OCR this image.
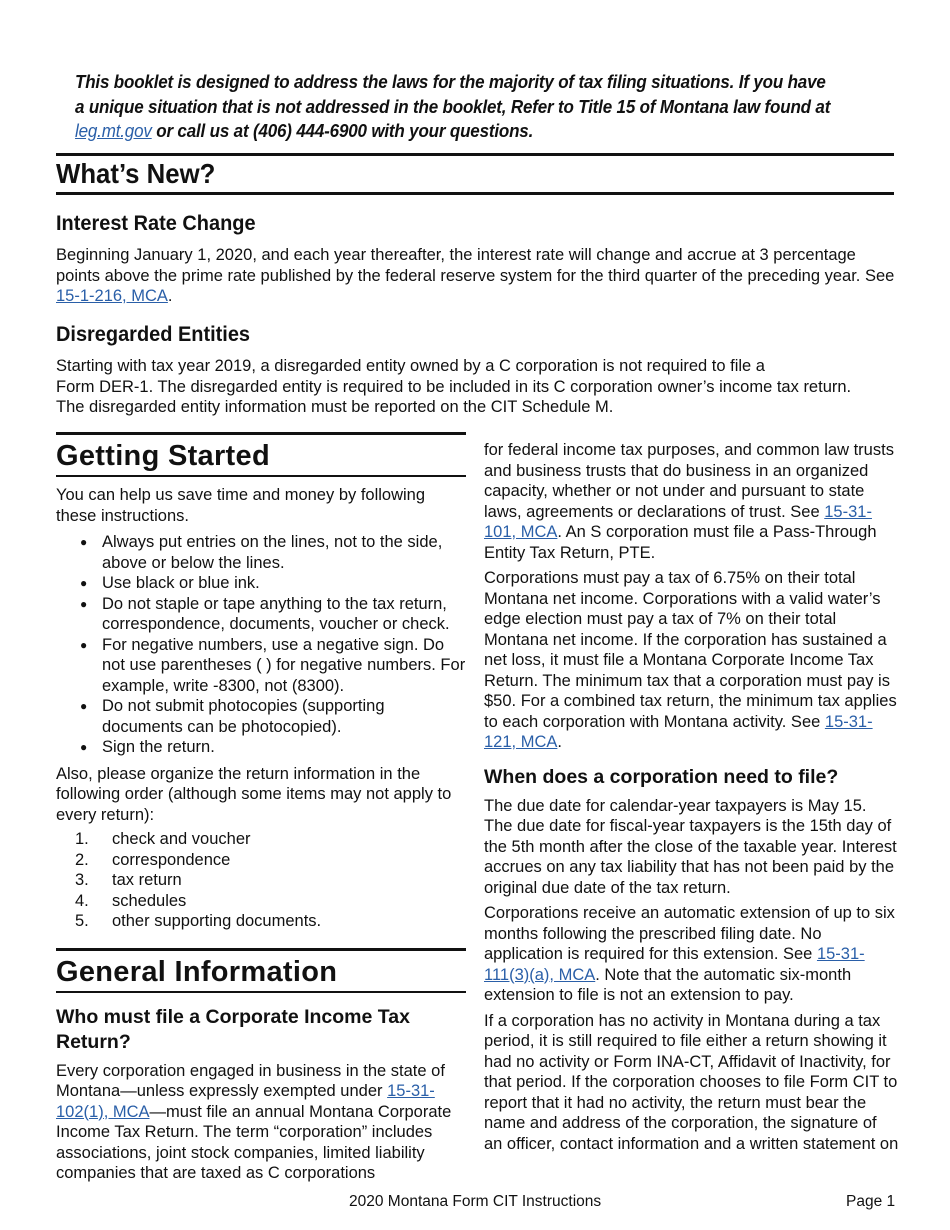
This booklet is designed to address the laws for the majority of tax filing situations. If you have a unique situation that is not addressed in the booklet, Refer to Title 15 of Montana law found at leg.mt.gov or call us at (406) 444-6900 with your questions.
What’s New?
Interest Rate Change
Beginning January 1, 2020, and each year thereafter, the interest rate will change and accrue at 3 percentage points above the prime rate published by the federal reserve system for the third quarter of the preceding year. See 15-1-216, MCA.
Disregarded Entities
Starting with tax year 2019, a disregarded entity owned by a C corporation is not required to file a
Form DER-1. The disregarded entity is required to be included in its C corporation owner’s income tax return.
The disregarded entity information must be reported on the CIT Schedule M.
Getting Started
You can help us save time and money by following these instructions.
● Always put entries on the lines, not to the side, above or below the lines.
● Use black or blue ink.
● Do not staple or tape anything to the tax return, correspondence, documents, voucher or check.
● For negative numbers, use a negative sign. Do not use parentheses ( ) for negative numbers. For example, write -8300, not (8300).
● Do not submit photocopies (supporting documents can be photocopied).
● Sign the return.
Also, please organize the return information in the following order (although some items may not apply to every return):
1.	check and voucher
2.	correspondence
3.	tax return
4.	schedules
5.	other supporting documents.
General Information
Who must file a Corporate Income Tax Return?
Every corporation engaged in business in the state of Montana—unless expressly exempted under 15-31-102(1), MCA—must file an annual Montana Corporate Income Tax Return. The term “corporation” includes associations, joint stock companies, limited liability companies that are taxed as C corporations
for federal income tax purposes, and common law trusts and business trusts that do business in an organized capacity, whether or not under and pursuant to state laws, agreements or declarations of trust. See 15-31-101, MCA. An S corporation must file a Pass-Through Entity Tax Return, PTE.
Corporations must pay a tax of 6.75% on their total Montana net income. Corporations with a valid water’s edge election must pay a tax of 7% on their total Montana net income. If the corporation has sustained a net loss, it must file a Montana Corporate Income Tax Return. The minimum tax that a corporation must pay is $50. For a combined tax return, the minimum tax applies to each corporation with Montana activity. See 15-31-121, MCA.
When does a corporation need to file?
The due date for calendar-year taxpayers is May 15. The due date for fiscal-year taxpayers is the 15th day of the 5th month after the close of the taxable year. Interest accrues on any tax liability that has not been paid by the original due date of the tax return.
Corporations receive an automatic extension of up to six months following the prescribed filing date. No application is required for this extension. See 15-31-111(3)(a), MCA. Note that the automatic six-month extension to file is not an extension to pay.
If a corporation has no activity in Montana during a tax period, it is still required to file either a return showing it had no activity or Form INA-CT, Affidavit of Inactivity, for that period. If the corporation chooses to file Form CIT to report that it had no activity, the return must bear the name and address of the corporation, the signature of an officer, contact information and a written statement on
2020 Montana Form CIT Instructions	Page 1
